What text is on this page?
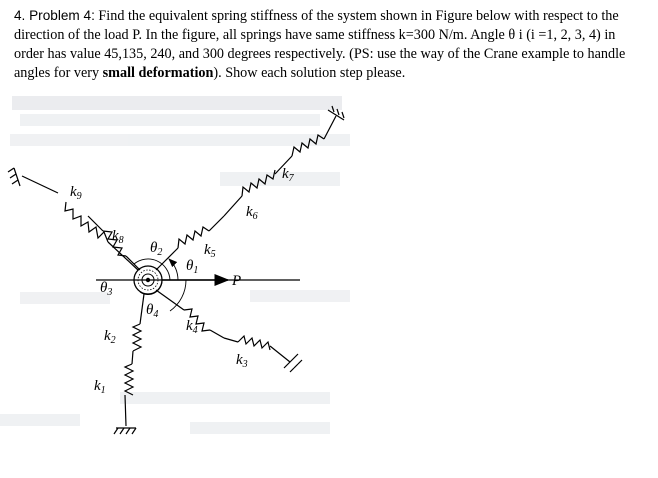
4. Problem 4: Find the equivalent spring stiffness of the system shown in Figure below with respect to the direction of the load P. In the figure, all springs have same stiffness k=300 N/m. Angle θ i (i =1, 2, 3, 4) in order has value 45,135, 240, and 300 degrees respectively. (PS: use the way of the Crane example to handle angles for very small deformation). Show each solution step please.
$k_9$
$k_8$ $\theta_2$	$k_5$
$\theta_1$
$k_6$
$k_7$
P
$\theta_3$
$\theta_4$
$k_4$
$k_2$
$k_3$
$k_1$
